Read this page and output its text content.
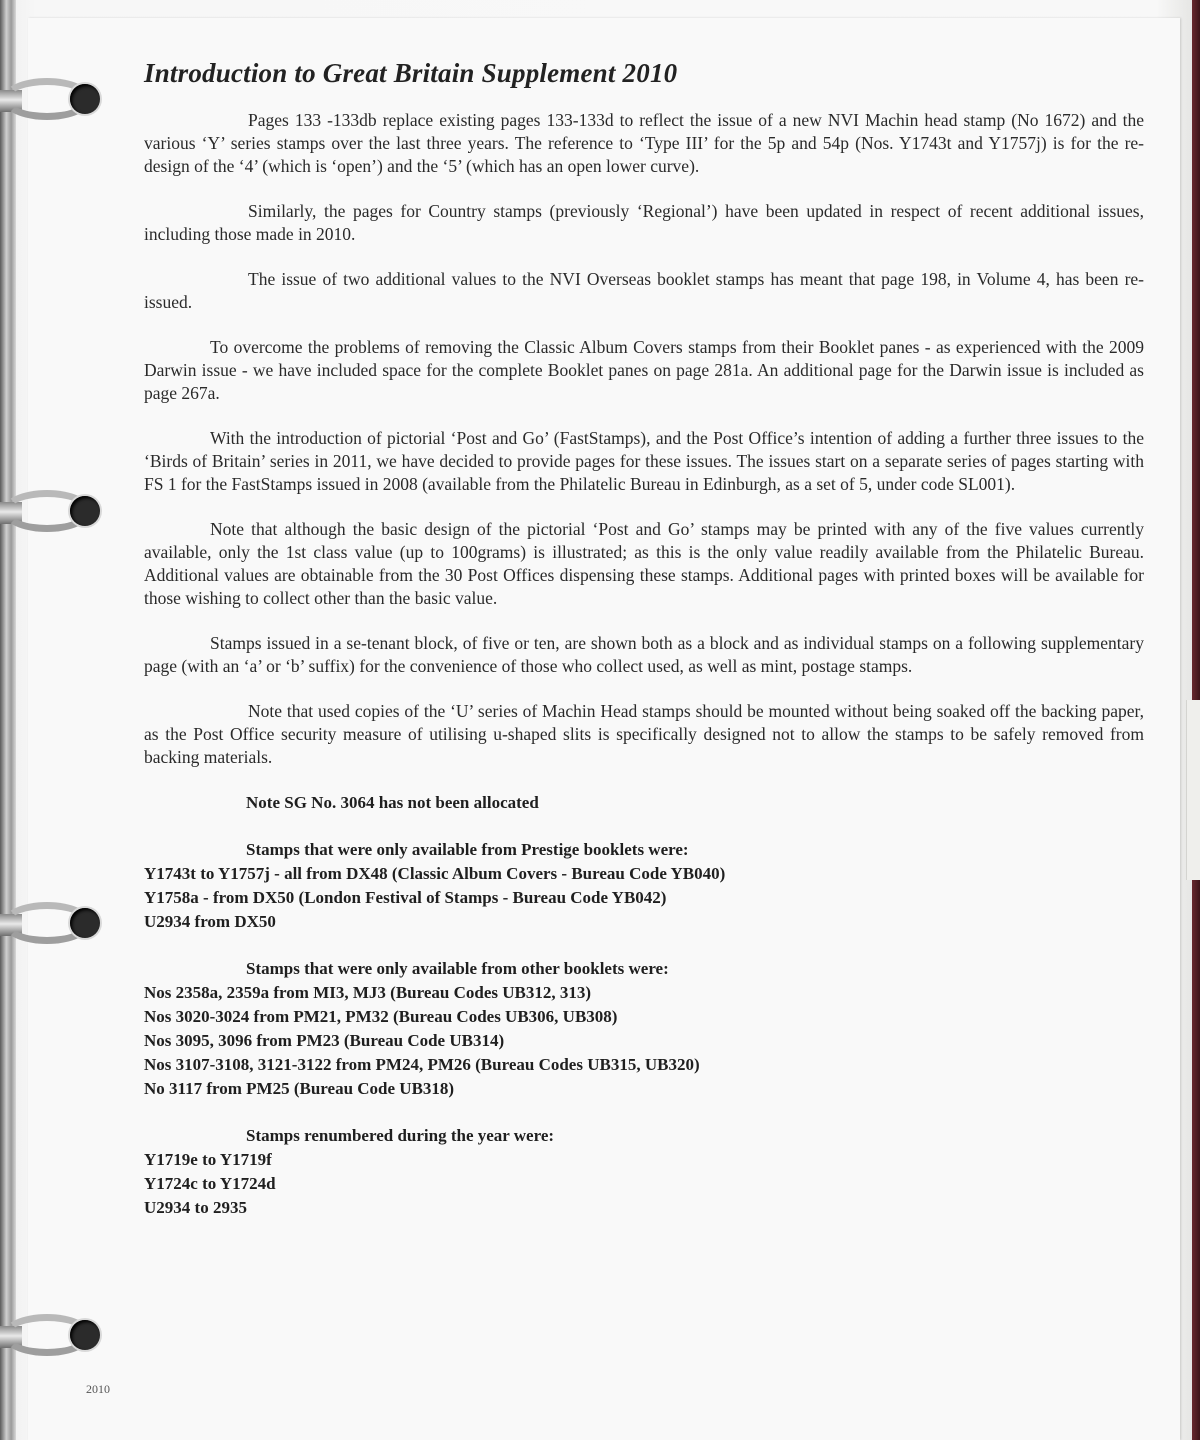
Introduction to Great Britain Supplement 2010

Pages 133 -133db replace existing pages 133-133d to reflect the issue of a new NVI Machin head stamp (No 1672) and the various ‘Y’ series stamps over the last three years. The reference to ‘Type III’ for the 5p and 54p (Nos. Y1743t and Y1757j) is for the re-design of the ‘4’ (which is ‘open’) and the ‘5’ (which has an open lower curve).

Similarly, the pages for Country stamps (previously ‘Regional’) have been updated in respect of recent additional issues, including those made in 2010.

The issue of two additional values to the NVI Overseas booklet stamps has meant that page 198, in Volume 4, has been re-issued.

To overcome the problems of removing the Classic Album Covers stamps from their Booklet panes - as experienced with the 2009 Darwin issue - we have included space for the complete Booklet panes on page 281a. An additional page for the Darwin issue is included as page 267a.

With the introduction of pictorial ‘Post and Go’ (FastStamps), and the Post Office’s intention of adding a further three issues to the ‘Birds of Britain’ series in 2011, we have decided to provide pages for these issues. The issues start on a separate series of pages starting with FS 1 for the FastStamps issued in 2008 (available from the Philatelic Bureau in Edinburgh, as a set of 5, under code SL001).

Note that although the basic design of the pictorial ‘Post and Go’ stamps may be printed with any of the five values currently available, only the 1st class value (up to 100grams) is illustrated; as this is the only value readily available from the Philatelic Bureau. Additional values are obtainable from the 30 Post Offices dispensing these stamps. Additional pages with printed boxes will be available for those wishing to collect other than the basic value.

Stamps issued in a se-tenant block, of five or ten, are shown both as a block and as individual stamps on a following supplementary page (with an ‘a’ or ‘b’ suffix) for the convenience of those who collect used, as well as mint, postage stamps.

Note that used copies of the ‘U’ series of Machin Head stamps should be mounted without being soaked off the backing paper, as the Post Office security measure of utilising u-shaped slits is specifically designed not to allow the stamps to be safely removed from backing materials.

Note SG No. 3064 has not been allocated

Stamps that were only available from Prestige booklets were:

Y1743t to Y1757j - all from DX48 (Classic Album Covers - Bureau Code YB040)

Y1758a - from DX50 (London Festival of Stamps - Bureau Code YB042)

U2934 from DX50

Stamps that were only available from other booklets were:

Nos 2358a, 2359a from MI3, MJ3 (Bureau Codes UB312, 313)

Nos 3020-3024 from PM21, PM32 (Bureau Codes UB306, UB308)

Nos 3095, 3096 from PM23 (Bureau Code UB314)

Nos 3107-3108, 3121-3122 from PM24, PM26 (Bureau Codes UB315, UB320)

No 3117 from PM25 (Bureau Code UB318)

Stamps renumbered during the year were:

Y1719e to Y1719f

Y1724c to Y1724d

U2934 to 2935

2010
